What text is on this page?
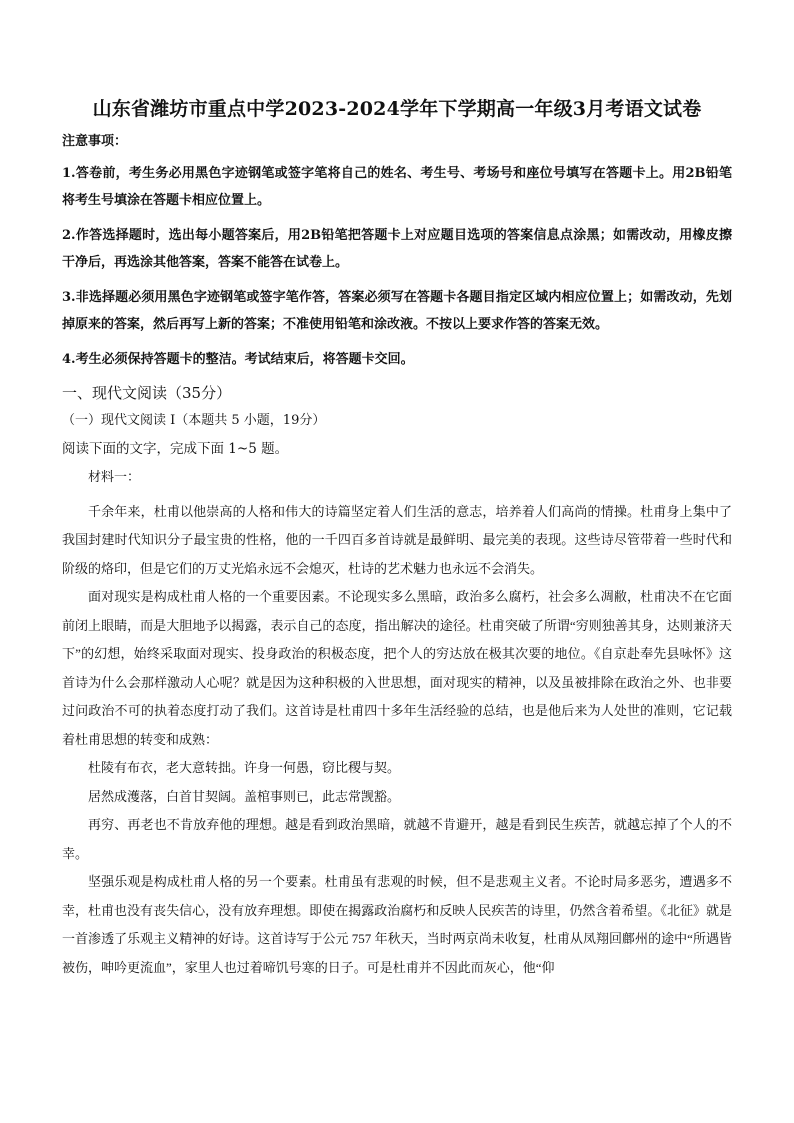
山东省潍坊市重点中学2023-2024学年下学期高一年级3月考语文试卷
注意事项：

1.答卷前，考生务必用黑色字迹钢笔或签字笔将自己的姓名、考生号、考场号和座位号填写在答题卡上。用2B铅笔将考生号填涂在答题卡相应位置上。

2.作答选择题时，选出每小题答案后，用2B铅笔把答题卡上对应题目选项的答案信息点涂黑；如需改动，用橡皮擦干净后，再选涂其他答案，答案不能答在试卷上。

3.非选择题必须用黑色字迹钢笔或签字笔作答，答案必须写在答题卡各题目指定区域内相应位置上；如需改动，先划掉原来的答案，然后再写上新的答案；不准使用铅笔和涂改液。不按以上要求作答的答案无效。

4.考生必须保持答题卡的整洁。考试结束后，将答题卡交回。

一、现代文阅读（35分）
（一）现代文阅读 I（本题共 5 小题，19分）
阅读下面的文字，完成下面 1~5 题。

材料一：

千余年来，杜甫以他崇高的人格和伟大的诗篇坚定着人们生活的意志，培养着人们高尚的情操。杜甫身上集中了我国封建时代知识分子最宝贵的性格，他的一千四百多首诗就是最鲜明、最完美的表现。这些诗尽管带着一些时代和阶级的烙印，但是它们的万丈光焰永远不会熄灭，杜诗的艺术魅力也永远不会消失。

面对现实是构成杜甫人格的一个重要因素。不论现实多么黑暗，政治多么腐朽，社会多么凋敝，杜甫决不在它面前闭上眼睛，而是大胆地予以揭露，表示自己的态度，指出解决的途径。杜甫突破了所谓“穷则独善其身，达则兼济天下”的幻想，始终采取面对现实、投身政治的积极态度，把个人的穷达放在极其次要的地位。《自京赴奉先县咏怀》这首诗为什么会那样激动人心呢？就是因为这种积极的入世思想，面对现实的精神，以及虽被排除在政治之外、也非要过问政治不可的执着态度打动了我们。这首诗是杜甫四十多年生活经验的总结，也是他后来为人处世的准则，它记载着杜甫思想的转变和成熟：

杜陵有布衣，老大意转拙。许身一何愚，窃比稷与契。

居然成濩落，白首甘契阔。盖棺事则已，此志常觊豁。

再穷、再老也不肯放弃他的理想。越是看到政治黑暗，就越不肯避开，越是看到民生疾苦，就越忘掉了个人的不幸。

坚强乐观是构成杜甫人格的另一个要素。杜甫虽有悲观的时候，但不是悲观主义者。不论时局多恶劣，遭遇多不幸，杜甫也没有丧失信心，没有放弃理想。即使在揭露政治腐朽和反映人民疾苦的诗里，仍然含着希望。《北征》就是一首渗透了乐观主义精神的好诗。这首诗写于公元 757 年秋天，当时两京尚未收复，杜甫从凤翔回鄜州的途中“所遇皆被伤，呻吟更流血”，家里人也过着啼饥号寒的日子。可是杜甫并不因此而灰心，他“仰
